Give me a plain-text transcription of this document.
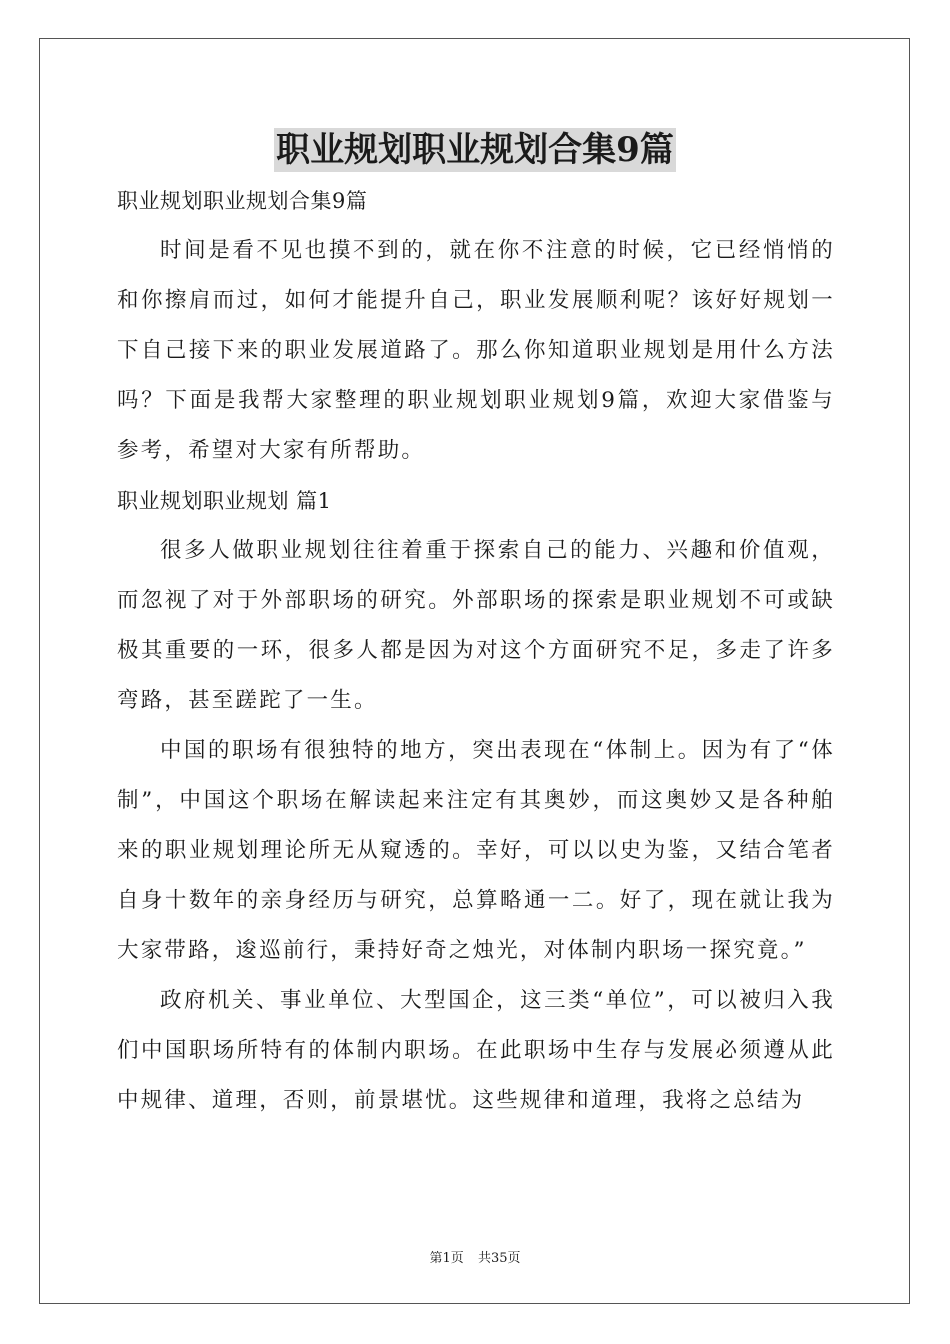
职业规划职业规划合集9篇

职业规划职业规划合集9篇

时间是看不见也摸不到的，就在你不注意的时候，它已经悄悄的和你擦肩而过，如何才能提升自己，职业发展顺利呢？该好好规划一下自己接下来的职业发展道路了。那么你知道职业规划是用什么方法吗？下面是我帮大家整理的职业规划职业规划9篇，欢迎大家借鉴与参考，希望对大家有所帮助。

职业规划职业规划 篇1

很多人做职业规划往往着重于探索自己的能力、兴趣和价值观，而忽视了对于外部职场的研究。外部职场的探索是职业规划不可或缺极其重要的一环，很多人都是因为对这个方面研究不足，多走了许多弯路，甚至蹉跎了一生。

中国的职场有很独特的地方，突出表现在“体制上。因为有了“体制”，中国这个职场在解读起来注定有其奥妙，而这奥妙又是各种舶来的职业规划理论所无从窥透的。幸好，可以以史为鉴，又结合笔者自身十数年的亲身经历与研究，总算略通一二。好了，现在就让我为大家带路，逡巡前行，秉持好奇之烛光，对体制内职场一探究竟。”

政府机关、事业单位、大型国企，这三类“单位”，可以被归入我们中国职场所特有的体制内职场。在此职场中生存与发展必须遵从此中规律、道理，否则，前景堪忧。这些规律和道理，我将之总结为

第1页 共35页
